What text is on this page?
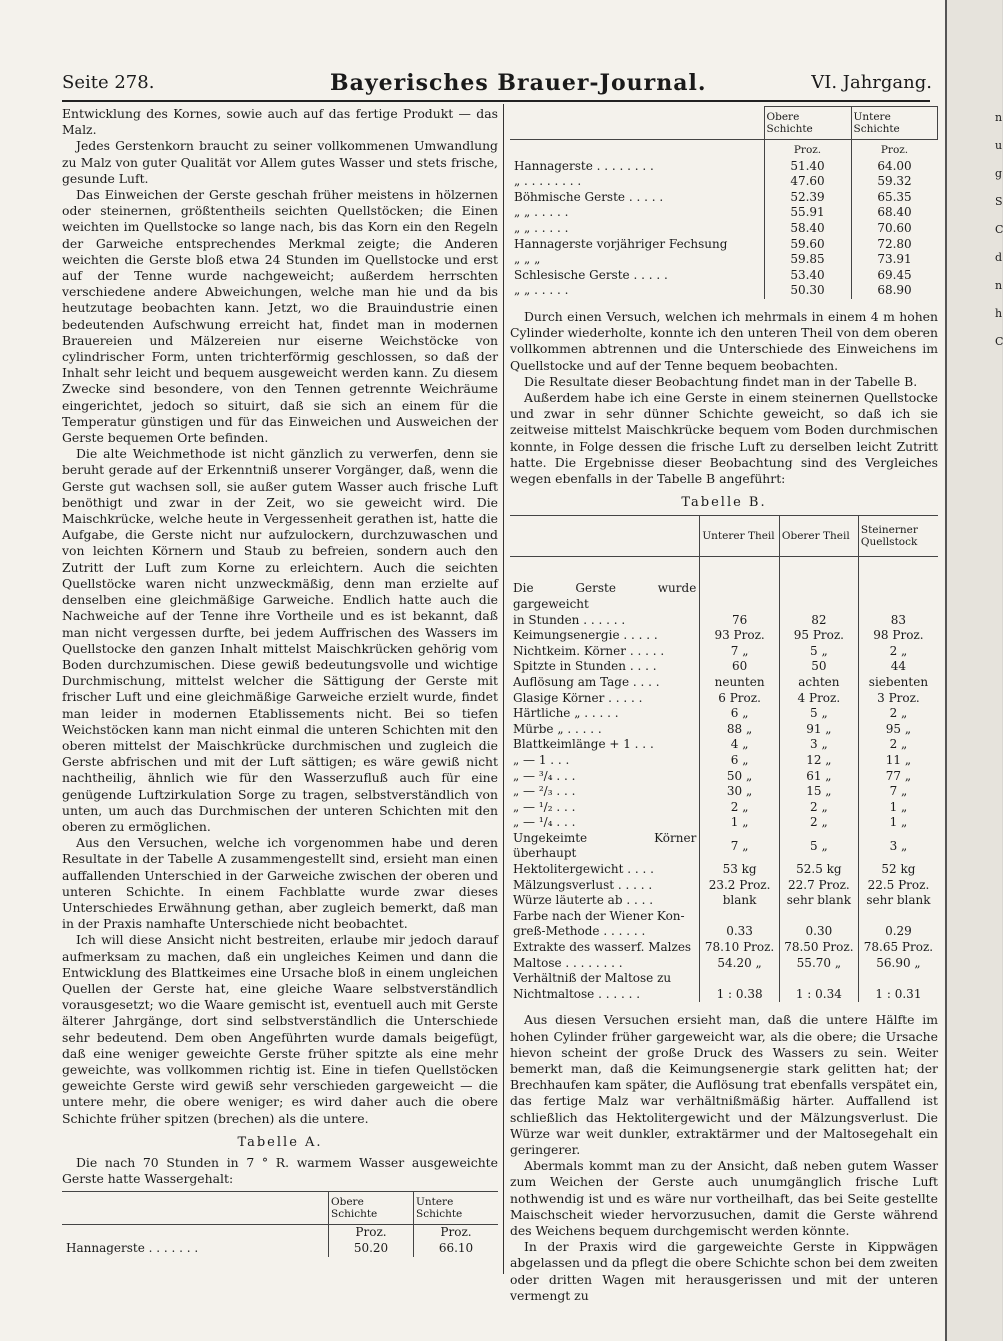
Seite 278.	Bayerisches Brauer-Journal.	VI. Jahrgang.

Entwicklung des Kornes, sowie auch auf das fertige Produkt — das Malz.

Jedes Gerstenkorn braucht zu seiner vollkommenen Umwandlung zu Malz von guter Qualität vor Allem gutes Wasser und stets frische, gesunde Luft.

Das Einweichen der Gerste geschah früher meistens in hölzernen oder steinernen, größtentheils seichten Quellstöcken; die Einen weichten im Quellstocke so lange nach, bis das Korn ein den Regeln der Garweiche entsprechendes Merkmal zeigte; die Anderen weichten die Gerste bloß etwa 24 Stunden im Quellstocke und erst auf der Tenne wurde nachgeweicht; außerdem herrschten verschiedene andere Abweichungen, welche man hie und da bis heutzutage beobachten kann. Jetzt, wo die Brauindustrie einen bedeutenden Aufschwung erreicht hat, findet man in modernen Brauereien und Mälzereien nur eiserne Weichstöcke von cylindrischer Form, unten trichterförmig geschlossen, so daß der Inhalt sehr leicht und bequem ausgeweicht werden kann. Zu diesem Zwecke sind besondere, von den Tennen getrennte Weichräume eingerichtet, jedoch so situirt, daß sie sich an einem für die Temperatur günstigen und für das Einweichen und Ausweichen der Gerste bequemen Orte befinden.

Die alte Weichmethode ist nicht gänzlich zu verwerfen, denn sie beruht gerade auf der Erkenntniß unserer Vorgänger, daß, wenn die Gerste gut wachsen soll, sie außer gutem Wasser auch frische Luft benöthigt und zwar in der Zeit, wo sie geweicht wird. Die Maischkrücke, welche heute in Vergessenheit gerathen ist, hatte die Aufgabe, die Gerste nicht nur aufzulockern, durchzuwaschen und von leichten Körnern und Staub zu befreien, sondern auch den Zutritt der Luft zum Korne zu erleichtern. Auch die seichten Quellstöcke waren nicht unzweckmäßig, denn man erzielte auf denselben eine gleichmäßige Garweiche. Endlich hatte auch die Nachweiche auf der Tenne ihre Vortheile und es ist bekannt, daß man nicht vergessen durfte, bei jedem Auffrischen des Wassers im Quellstocke den ganzen Inhalt mittelst Maischkrücken gehörig vom Boden durchzumischen. Diese gewiß bedeutungsvolle und wichtige Durchmischung, mittelst welcher die Sättigung der Gerste mit frischer Luft und eine gleichmäßige Garweiche erzielt wurde, findet man leider in modernen Etablissements nicht. Bei so tiefen Weichstöcken kann man nicht einmal die unteren Schichten mit den oberen mittelst der Maischkrücke durchmischen und zugleich die Gerste abfrischen und mit der Luft sättigen; es wäre gewiß nicht nachtheilig, ähnlich wie für den Wasserzufluß auch für eine genügende Luftzirkulation Sorge zu tragen, selbstverständlich von unten, um auch das Durchmischen der unteren Schichten mit den oberen zu ermöglichen.

Aus den Versuchen, welche ich vorgenommen habe und deren Resultate in der Tabelle A zusammengestellt sind, ersieht man einen auffallenden Unterschied in der Garweiche zwischen der oberen und unteren Schichte. In einem Fachblatte wurde zwar dieses Unterschiedes Erwähnung gethan, aber zugleich bemerkt, daß man in der Praxis namhafte Unterschiede nicht beobachtet.

Ich will diese Ansicht nicht bestreiten, erlaube mir jedoch darauf aufmerksam zu machen, daß ein ungleiches Keimen und dann die Entwicklung des Blattkeimes eine Ursache bloß in einem ungleichen Quellen der Gerste hat, eine gleiche Waare selbstverständlich vorausgesetzt; wo die Waare gemischt ist, eventuell auch mit Gerste älterer Jahrgänge, dort sind selbstverständlich die Unterschiede sehr bedeutend. Dem oben Angeführten wurde damals beigefügt, daß eine weniger geweichte Gerste früher spitzte als eine mehr geweichte, was vollkommen richtig ist. Eine in tiefen Quellstöcken geweichte Gerste wird gewiß sehr verschieden gargeweicht — die untere mehr, die obere weniger; es wird daher auch die obere Schichte früher spitzen (brechen) als die untere.

Tabelle A.

Die nach 70 Stunden in 7 ° R. warmem Wasser ausgeweichte Gerste hatte Wassergehalt:

	Obere Schichte	Untere Schichte
	Proz.	Proz.
Hannagerste . . . . . . .	50.20	66.10
	Obere Schichte	Untere Schichte
	Proz.	Proz.
Hannagerste . . . . . . . .	51.40	64.00
„ . . . . . . . .	47.60	59.32
Böhmische Gerste . . . . .	52.39	65.35
„ „ . . . . .	55.91	68.40
„ „ . . . . .	58.40	70.60
Hannagerste vorjähriger Fechsung	59.60	72.80
„ „ „	59.85	73.91
Schlesische Gerste . . . . .	53.40	69.45
„ „ . . . . .	50.30	68.90

Durch einen Versuch, welchen ich mehrmals in einem 4 m hohen Cylinder wiederholte, konnte ich den unteren Theil von dem oberen vollkommen abtrennen und die Unterschiede des Einweichens im Quellstocke und auf der Tenne bequem beobachten.

Die Resultate dieser Beobachtung findet man in der Tabelle B.

Außerdem habe ich eine Gerste in einem steinernen Quellstocke und zwar in sehr dünner Schichte geweicht, so daß ich sie zeitweise mittelst Maischkrücke bequem vom Boden durchmischen konnte, in Folge dessen die frische Luft zu derselben leicht Zutritt hatte. Die Ergebnisse dieser Beobachtung sind des Vergleiches wegen ebenfalls in der Tabelle B angeführt:

Tabelle B.
	Unterer Theil	Oberer Theil	Steinerner Quellstock

Die Gerste wurde gargeweicht			
in Stunden . . . . . .	76	82	83
Keimungsenergie . . . . .	93 Proz.	95 Proz.	98 Proz.
Nichtkeim. Körner . . . . .	7 „	5 „	2 „
Spitzte in Stunden . . . .	60	50	44
Auflösung am Tage . . . .	neunten	achten	siebenten
Glasige Körner . . . . .	6 Proz.	4 Proz.	3 Proz.
Härtliche „ . . . . .	6 „	5 „	2 „
Mürbe „ . . . . .	88 „	91 „	95 „
Blattkeimlänge + 1 . . .	4 „	3 „	2 „
„ — 1 . . .	6 „	12 „	11 „
„ — ³/₄ . . .	50 „	61 „	77 „
„ — ²/₃ . . .	30 „	15 „	7 „
„ — ¹/₂ . . .	2 „	2 „	1 „
„ — ¹/₄ . . .	1 „	2 „	1 „
Ungekeimte Körner überhaupt	7 „	5 „	3 „
Hektolitergewicht . . . .	53 kg	52.5 kg	52 kg
Mälzungsverlust . . . . .	23.2 Proz.	22.7 Proz.	22.5 Proz.
Würze läuterte ab . . . .	blank	sehr blank	sehr blank
Farbe nach der Wiener Kon-			
greß-Methode . . . . . .	0.33	0.30	0.29
Extrakte des wasserf. Malzes	78.10 Proz.	78.50 Proz.	78.65 Proz.
Maltose . . . . . . . .	54.20 „	55.70 „	56.90 „
Verhältniß der Maltose zu			
Nichtmaltose . . . . . .	1 : 0.38	1 : 0.34	1 : 0.31

Aus diesen Versuchen ersieht man, daß die untere Hälfte im hohen Cylinder früher gargeweicht war, als die obere; die Ursache hievon scheint der große Druck des Wassers zu sein. Weiter bemerkt man, daß die Keimungsenergie stark gelitten hat; der Brechhaufen kam später, die Auflösung trat ebenfalls verspätet ein, das fertige Malz war verhältnißmäßig härter. Auffallend ist schließlich das Hektolitergewicht und der Mälzungsverlust. Die Würze war weit dunkler, extraktärmer und der Maltosegehalt ein geringerer.

Abermals kommt man zu der Ansicht, daß neben gutem Wasser zum Weichen der Gerste auch unumgänglich frische Luft nothwendig ist und es wäre nur vortheilhaft, das bei Seite gestellte Maischscheit wieder hervorzusuchen, damit die Gerste während des Weichens bequem durchgemischt werden könnte.

In der Praxis wird die gargeweichte Gerste in Kippwägen abgelassen und da pflegt die obere Schichte schon bei dem zweiten oder dritten Wagen mit herausgerissen und mit der unteren vermengt zu

n
u
g
S
C
d
n
h
C
